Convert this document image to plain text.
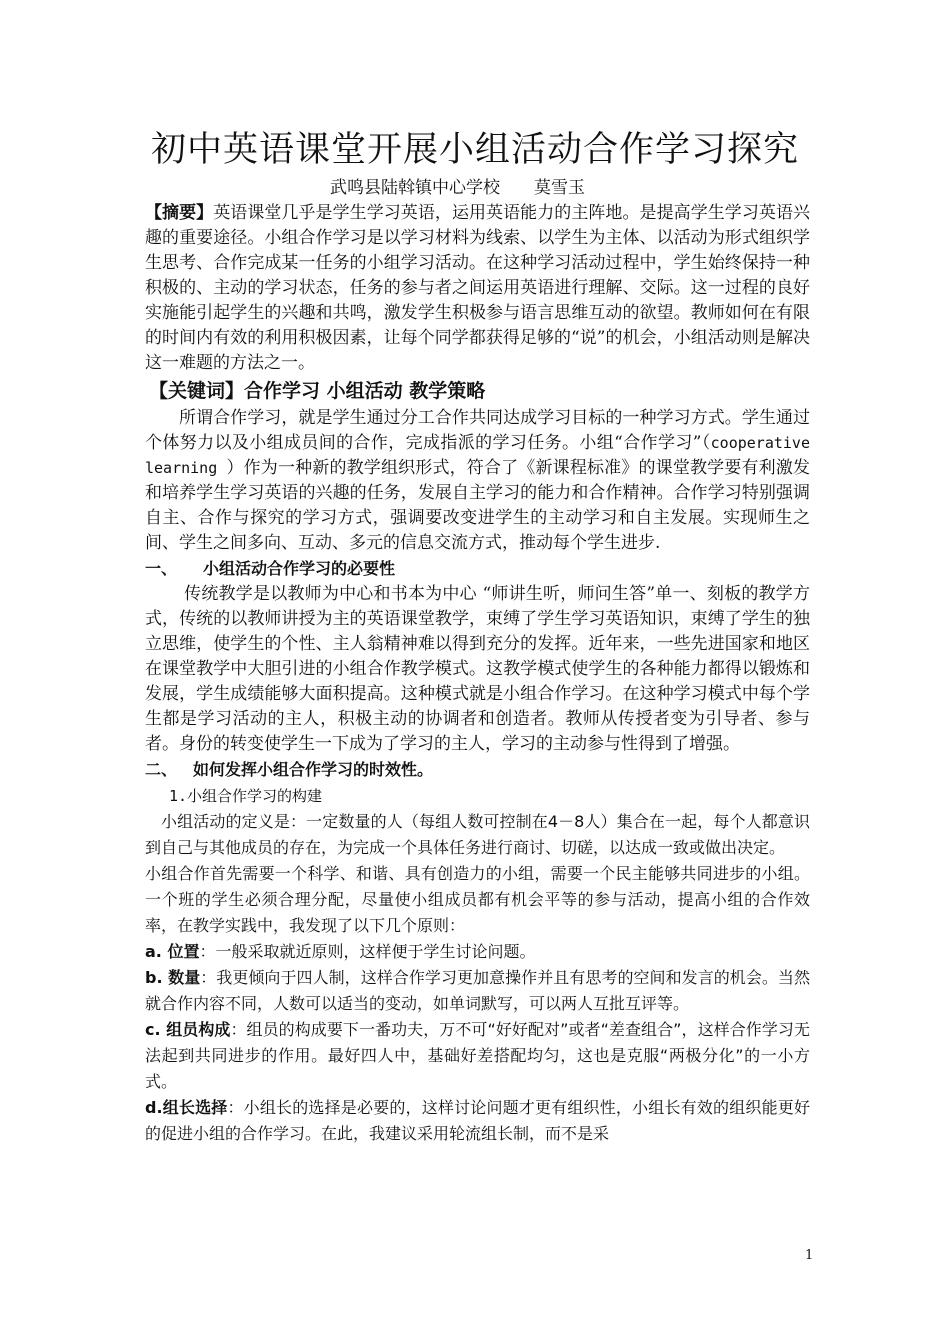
初中英语课堂开展小组活动合作学习探究
武鸣县陆斡镇中心学校 莫雪玉

【摘要】英语课堂几乎是学生学习英语，运用英语能力的主阵地。是提高学生学习英语兴趣的重要途径。小组合作学习是以学习材料为线索、以学生为主体、以活动为形式组织学生思考、合作完成某一任务的小组学习活动。在这种学习活动过程中，学生始终保持一种积极的、主动的学习状态，任务的参与者之间运用英语进行理解、交际。这一过程的良好实施能引起学生的兴趣和共鸣，激发学生积极参与语言思维互动的欲望。教师如何在有限的时间内有效的利用积极因素，让每个同学都获得足够的“说”的机会，小组活动则是解决这一难题的方法之一。

【关键词】合作学习 小组活动 教学策略

所谓合作学习，就是学生通过分工合作共同达成学习目标的一种学习方式。学生通过个体努力以及小组成员间的合作，完成指派的学习任务。小组“合作学习”（cooperative learning ）作为一种新的教学组织形式，符合了《新课程标准》的课堂教学要有利激发和培养学生学习英语的兴趣的任务，发展自主学习的能力和合作精神。合作学习特别强调自主、合作与探究的学习方式，强调要改变进学生的主动学习和自主发展。实现师生之间、学生之间多向、互动、多元的信息交流方式，推动每个学生进步.

一、 小组活动合作学习的必要性

传统教学是以教师为中心和书本为中心 “师讲生听，师问生答”单一、刻板的教学方式，传统的以教师讲授为主的英语课堂教学，束缚了学生学习英语知识，束缚了学生的独立思维，使学生的个性、主人翁精神难以得到充分的发挥。近年来，一些先进国家和地区在课堂教学中大胆引进的小组合作教学模式。这教学模式使学生的各种能力都得以锻炼和发展，学生成绩能够大面积提高。这种模式就是小组合作学习。在这种学习模式中每个学生都是学习活动的主人，积极主动的协调者和创造者。教师从传授者变为引导者、参与者。身份的转变使学生一下成为了学习的主人，学习的主动参与性得到了增强。

二、 如何发挥小组合作学习的时效性。

1.小组合作学习的构建

小组活动的定义是：一定数量的人（每组人数可控制在4－8人）集合在一起，每个人都意识到自己与其他成员的存在，为完成一个具体任务进行商讨、切磋，以达成一致或做出决定。

小组合作首先需要一个科学、和谐、具有创造力的小组，需要一个民主能够共同进步的小组。一个班的学生必须合理分配，尽量使小组成员都有机会平等的参与活动，提高小组的合作效率，在教学实践中，我发现了以下几个原则：

a. 位置：一般采取就近原则，这样便于学生讨论问题。

b. 数量：我更倾向于四人制，这样合作学习更加意操作并且有思考的空间和发言的机会。当然就合作内容不同，人数可以适当的变动，如单词默写，可以两人互批互评等。

c. 组员构成：组员的构成要下一番功夫，万不可“好好配对”或者“差查组合”，这样合作学习无法起到共同进步的作用。最好四人中，基础好差搭配均匀，这也是克服“两极分化”的一小方式。

d.组长选择：小组长的选择是必要的，这样讨论问题才更有组织性，小组长有效的组织能更好的促进小组的合作学习。在此，我建议采用轮流组长制，而不是采

1
